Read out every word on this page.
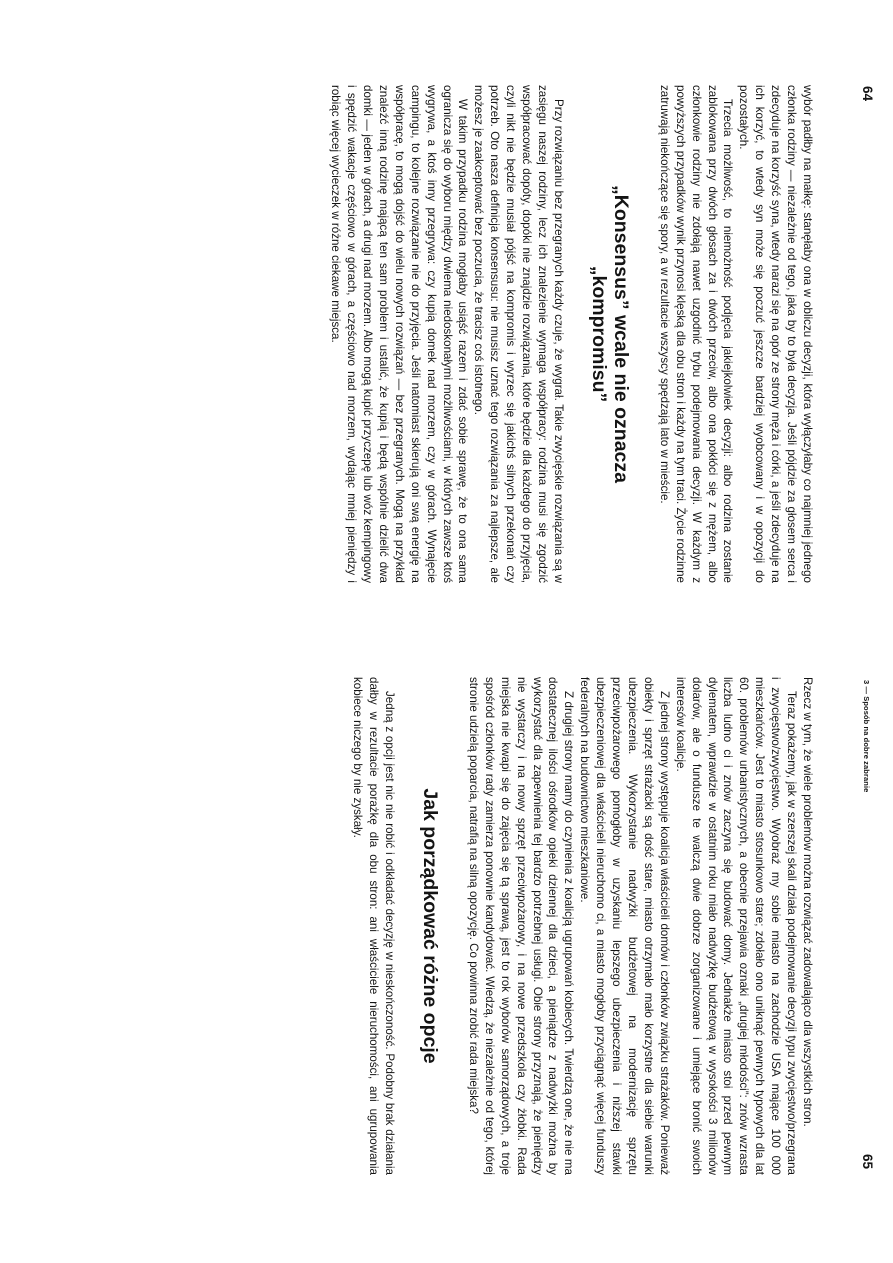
64

wybór padłby na małkę: stanęłaby ona w obliczu decyzji, która wyłączyłaby co najmniej jednego członka rodziny — niezależnie od tego, jaka by to była decyzja. Jeśli pójdzie za głosem serca i zdecyduje na korzyść syna, wtedy narazi się na opór ze strony męża i córki, a jeśli zdecyduje na ich korzyć, to wtedy syn może się poczuć jeszcze bardziej wyobcowany i w opozycji do pozostałych.

Trzecia możliwość, to niemożność podjęcia jakiejkolwiek decyzji: albo rodzina zostanie zablokowana przy dwóch głosach za i dwóch przeciw, albo ona pokłóci się z mężem, albo członkowie rodziny nie zdołają nawet uzgodnić trybu podejmowania decyzji. W każdym z powyższych przypadków wynik przynosi klęską dla obu stron i każdy na tym traci. Życie rodzinne zatruwają niekończące się spory, a w rezultacie wszyscy spędzają lato w mieście.

„Konsensus” wcale nie oznacza
„kompromisu”

Przy rozwiązaniu bez przegranych każdy czuje, że wygrał. Takie zwycięskie rozwiązania są w zasięgu naszej rodziny, lecz ich znalezienie wymaga współpracy: rodzina musi się zgodzić współpracować dopóty, dopóki nie znajdzie rozwiązania, które będzie dla każdego do przyjęcia, czyli nikt nie będzie musiał pójść na kompromis i wyrzec się jakichś silnych przekonań czy potrzeb. Oto nasza definicja konsensusu: nie musisz uznać tego rozwiązania za najlepsze, ale możesz je zaakceptować bez poczucia, że tracisz coś istotnego.

W takim przypadku rodzina mogłaby usiąść razem i zdać sobie sprawę, że to ona sama ogranicza się do wyboru między dwiema niedoskonałymi możliwościami, w których zawsze ktoś wygrywa, a ktoś inny przegrywa: czy kupią domek nad morzem, czy w górach. Wynajęcie campingu, to kolejne rozwiązanie nie do przyjęcia. Jeśli natomiast skierują oni swą energię na współpracę, to mogą dojść do wielu nowych rozwiązań — bez przegranych. Mogą na przykład znaleźć inną rodzinę mającą ten sam problem i ustalić, że kupią i będą wspólnie dzielić dwa domki — jeden w górach, a drugi nad morzem. Albo mogą kupić przyczepę lub wóz kempingowy i spędzić wakacje częściowo w górach, a częściowo nad morzem, wydając mniej pieniędzy i robiąc więcej wycieczek w różne ciekawe miejsca.

3 — Sposób na dobre zabranie
65

Rzecz w tym, że wiele problemów można rozwiązać zadowalająco dla wszystkich stron.

Teraz pokażemy, jak w szerszej skali działa podejmowanie decyzji typu zwycięstwo/przegrana i zwycięstwo/zwycięstwo. Wyobraź my sobie miasto na zachodzie USA mające 100 000 mieszkańców. Jest to miasto stosunkowo stare; zdołało ono uniknąć pewnych typowych dla lat 60. problemów urbanistycznych, a obecnie przejawia oznaki „drugiej młodości”: znów wzrasta liczba ludno ci i znów zaczyna się budować domy. Jednakże miasto stoi przed pewnym dylematem, wprawdzie w ostatnim roku miało nadwyżkę budżetową w wysokości 3 milionów dolarów, ale o fundusze te walczą dwie dobrze zorganizowane i umiejące bronić swoich interesów koalicje.

Z jednej strony występuje koalicja właścicieli domów i członków związku strażaków. Ponieważ obiekty i sprzęt strażacki są dość stare, miasto otrzymało mało korzystne dla siebie warunki ubezpieczenia. Wykorzystanie nadwyżki budżetowej na modernizację sprzętu przeciwpożarowego pomogłoby w uzyskaniu lepszego ubezpieczenia i niższej stawki ubezpieczeniowej dla właścicieli nieruchomo ci, a miasto mogłoby przyciągnąć więcej funduszy federalnych na budownictwo mieszkaniowe.

Z drugiej strony mamy do czynienia z koalicją ugrupowań kobiecych. Twierdzą one, że nie ma dostatecznej ilości ośrodków opieki dziennej dla dzieci, a pieniądze z nadwyżki można by wykorzystać dla zapewnienia tej bardzo potrzebnej usługi. Obie strony przyznają, że pieniędzy nie wystarczy i na nowy sprzęt przeciwpożarowy, i na nowe przedszkola czy żłobki. Rada miejska nie kwapi się do zajęcia się tą sprawą, jest to rok wyborów samorządowych, a troje spośród członków rady zamierza ponownie kandydować. Wiedzą, że niezależnie od tego, której stronie udzielą poparcia, natrafią na silną opozycję. Co powinna zrobić rada miejska?

Jak porządkować różne opcje

Jedną z opcji jest nic nie robić i odkładać decyzję w nieskończoność. Podobny brak działania dałby w rezultacie porażkę dla obu stron: ani właściciele nieruchomości, ani ugrupowania kobiece niczego by nie zyskały.
